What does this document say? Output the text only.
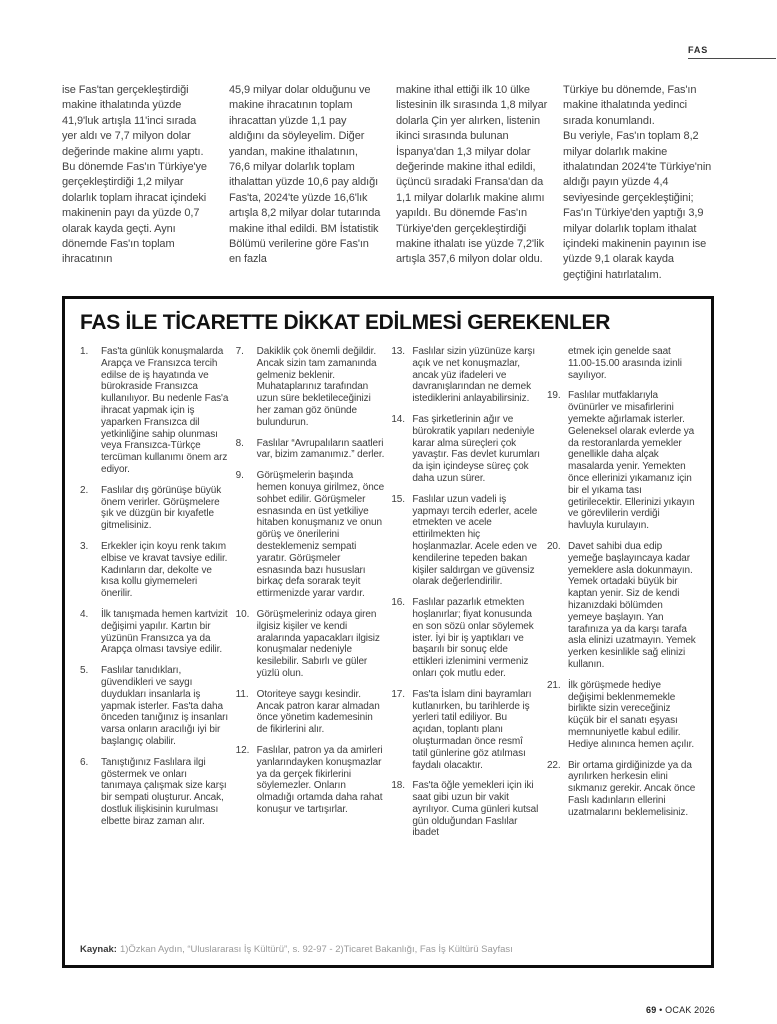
FAS

ise Fas'tan gerçekleştirdiği makine ithalatında yüzde 41,9'luk artışla 11'inci sırada yer aldı ve 7,7 milyon dolar değerinde makine alımı yaptı.

Bu dönemde Fas'ın Türkiye'ye gerçekleştirdiği 1,2 milyar dolarlık toplam ihracat içindeki makinenin payı da yüzde 0,7 olarak kayda geçti. Aynı dönemde Fas'ın toplam ihracatının

45,9 milyar dolar olduğunu ve makine ihracatının toplam ihracattan yüzde 1,1 pay aldığını da söyleyelim. Diğer yandan, makine ithalatının, 76,6 milyar dolarlık toplam ithalattan yüzde 10,6 pay aldığı Fas'ta, 2024'te yüzde 16,6'lık artışla 8,2 milyar dolar tutarında makine ithal edildi. BM İstatistik Bölümü verilerine göre Fas'ın en fazla

makine ithal ettiği ilk 10 ülke listesinin ilk sırasında 1,8 milyar dolarla Çin yer alırken, listenin ikinci sırasında bulunan İspanya'dan 1,3 milyar dolar değerinde makine ithal edildi, üçüncü sıradaki Fransa'dan da 1,1 milyar dolarlık makine alımı yapıldı. Bu dönemde Fas'ın Türkiye'den gerçekleştirdiği makine ithalatı ise yüzde 7,2'lik artışla 357,6 milyon dolar oldu.

Türkiye bu dönemde, Fas'ın makine ithalatında yedinci sırada konumlandı.

Bu veriyle, Fas'ın toplam 8,2 milyar dolarlık makine ithalatından 2024'te Türkiye'nin aldığı payın yüzde 4,4 seviyesinde gerçekleştiğini; Fas'ın Türkiye'den yaptığı 3,9 milyar dolarlık toplam ithalat içindeki makinenin payının ise yüzde 9,1 olarak kayda geçtiğini hatırlatalım.

FAS İLE TİCARETTE DİKKAT EDİLMESİ GEREKENLER
1.	Fas'ta günlük konuşmalarda Arapça ve Fransızca tercih edilse de iş hayatında ve bürokraside Fransızca kullanılıyor. Bu nedenle Fas'a ihracat yapmak için iş yaparken Fransızca dil yetkinliğine sahip olunması veya Fransızca-Türkçe tercüman kullanımı önem arz ediyor.
2.	Faslılar dış görünüşe büyük önem verirler. Görüşmelere şık ve düzgün bir kıyafetle gitmelisiniz.
3.	Erkekler için koyu renk takım elbise ve kravat tavsiye edilir. Kadınların dar, dekolte ve kısa kollu giymemeleri önerilir.
4.	İlk tanışmada hemen kartvizit değişimi yapılır. Kartın bir yüzünün Fransızca ya da Arapça olması tavsiye edilir.
5.	Faslılar tanıdıkları, güvendikleri ve saygı duydukları insanlarla iş yapmak isterler. Fas'ta daha önceden tanığınız iş insanları varsa onların aracılığı iyi bir başlangıç olabilir.
6.	Tanıştığınız Faslılara ilgi göstermek ve onları tanımaya çalışmak size karşı bir sempati oluşturur. Ancak, dostluk ilişkisinin kurulması elbette biraz zaman alır.
7.	Dakiklik çok önemli değildir. Ancak sizin tam zamanında gelmeniz beklenir. Muhataplarınız tarafından uzun süre bekletileceğinizi her zaman göz önünde bulundurun.
8.	Faslılar “Avrupalıların saatleri var, bizim zamanımız.” derler.
9.	Görüşmelerin başında hemen konuya girilmez, önce sohbet edilir. Görüşmeler esnasında en üst yetkiliye hitaben konuşmanız ve onun görüş ve önerilerini desteklemeniz sempati yaratır. Görüşmeler esnasında bazı hususları birkaç defa sorarak teyit ettirmenizde yarar vardır.
10. Görüşmeleriniz odaya giren ilgisiz kişiler ve kendi aralarında yapacakları ilgisiz konuşmalar nedeniyle kesilebilir. Sabırlı ve güler yüzlü olun.
11. Otoriteye saygı kesindir. Ancak patron karar almadan önce yönetim kademesinin de fikirlerini alır.
12. Faslılar, patron ya da amirleri yanlarındayken konuşmazlar ya da gerçek fikirlerini söylemezler. Onların olmadığı ortamda daha rahat konuşur ve tartışırlar.
13. Faslılar sizin yüzünüze karşı açık ve net konuşmazlar, ancak yüz ifadeleri ve davranışlarından ne demek istediklerini anlayabilirsiniz.
14. Fas şirketlerinin ağır ve bürokratik yapıları nedeniyle karar alma süreçleri çok yavaştır. Fas devlet kurumları da işin içindeyse süreç çok daha uzun sürer.
15. Faslılar uzun vadeli iş yapmayı tercih ederler, acele etmekten ve acele ettirilmekten hiç hoşlanmazlar. Acele eden ve kendilerine tepeden bakan kişiler saldırgan ve güvensiz olarak değerlendirilir.
16. Faslılar pazarlık etmekten hoşlanırlar; fiyat konusunda en son sözü onlar söylemek ister. İyi bir iş yaptıkları ve başarılı bir sonuç elde ettikleri izlenimini vermeniz onları çok mutlu eder.
17. Fas'ta İslam dini bayramları kutlanırken, bu tarihlerde iş yerleri tatil ediliyor. Bu açıdan, toplantı planı oluşturmadan önce resmî tatil günlerine göz atılması faydalı olacaktır.
18. Fas'ta öğle yemekleri için iki saat gibi uzun bir vakit ayrılıyor. Cuma günleri kutsal gün olduğundan Faslılar ibadet
etmek için genelde saat 11.00-15.00 arasında izinli sayılıyor.
19. Faslılar mutfaklarıyla övünürler ve misafirlerini yemekte ağırlamak isterler. Geleneksel olarak evlerde ya da restoranlarda yemekler genellikle daha alçak masalarda yenir. Yemekten önce ellerinizi yıkamanız için bir el yıkama tası getirilecektir. Ellerinizi yıkayın ve görevlilerin verdiği havluyla kurulayın.
20. Davet sahibi dua edip yemeğe başlayıncaya kadar yemeklere asla dokunmayın. Yemek ortadaki büyük bir kaptan yenir. Siz de kendi hizanızdaki bölümden yemeye başlayın. Yan tarafınıza ya da karşı tarafa asla elinizi uzatmayın. Yemek yerken kesinlikle sağ elinizi kullanın.
21. İlk görüşmede hediye değişimi beklenmemekle birlikte sizin vereceğiniz küçük bir el sanatı eşyası memnuniyetle kabul edilir. Hediye alınınca hemen açılır.
22. Bir ortama girdiğinizde ya da ayrılırken herkesin elini sıkmanız gerekir. Ancak önce Faslı kadınların ellerini uzatmalarını beklemelisiniz.
Kaynak: 1)Özkan Aydın, “Uluslararası İş Kültürü”, s. 92-97 - 2)Ticaret Bakanlığı, Fas İş Kültürü Sayfası
69 • OCAK 2026
